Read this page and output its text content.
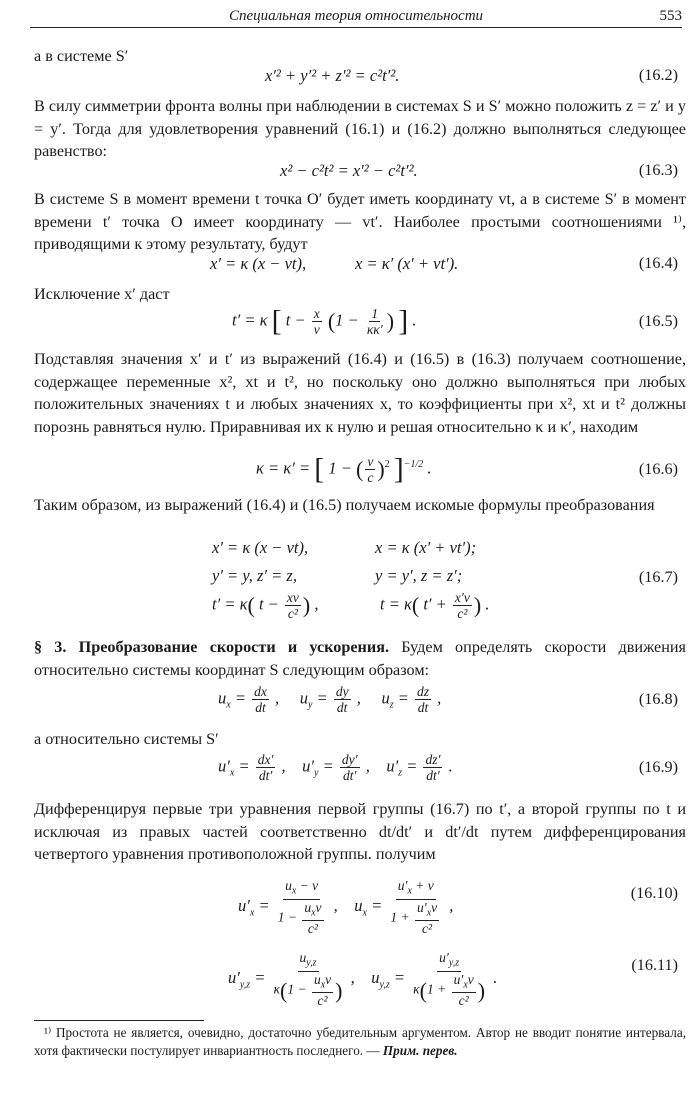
Специальная теория относительности	553

а в системе S′

x′² + y′² + z′² = c²t′².	(16.2)

В силу симметрии фронта волны при наблюдении в системах S и S′ можно положить z = z′ и y = y′. Тогда для удовлетворения уравнений (16.1) и (16.2) должно выполняться следующее равенство:

x² − c²t² = x′² − c²t′².	(16.3)

В системе S в момент времени t точка O′ будет иметь координату vt, а в системе S′ в момент времени t′ точка O имеет координату — vt′. Наиболее простыми соотношениями ¹⁾, приводящими к этому результату, будут

x′ = κ (x − vt),	x = κ′ (x′ + vt′).	(16.4)

Исключение x′ даст

t′ = κ [ $t - \frac{x}{v} (1 - \frac{1}{\kappa\kappa'}$ ) ] .	(16.5)

Подставляя значения x′ и t′ из выражений (16.4) и (16.5) в (16.3) получаем соотношение, содержащее переменные x², xt и t², но поскольку оно должно выполняться при любых положительных значениях t и любых значениях x, то коэффициенты при x², xt и t² должны порознь равняться нулю. Приравнивая их к нулю и решая относительно κ и κ′, находим

κ = κ′ = [ 1 − ( $\frac{v}{c} )^2$ ]$^{-1/2}$ .	(16.6)

Таким образом, из выражений (16.4) и (16.5) получаем искомые формулы преобразования

x′ = κ (x − vt),	x = κ (x′ + vt′);
y′ = y, z′ = z,	y = y′, z = z′;
t′ = κ( $t - \frac{xv}{\text{c²}}$ ) ,	t = κ( $t' + \frac{x'v}{\text{c²}}$ ) .
(16.7)

§ 3. Преобразование скорости и ускорения. Будем определять скорости движения относительно системы координат S следующим образом:

$u_x = \frac{dx}{dt}$ ,     $u_y = \frac{dy}{dt}$ ,     $u_z = \frac{dz}{dt}$ ,	(16.8)

а относительно системы S′

$u'_x = \frac{dx'}{dt'}$ ,    $u'_y = \frac{dy'}{dt'}$ ,    $u'_z = \frac{dz'}{dt'}$ .	(16.9)

Дифференцируя первые три уравнения первой группы (16.7) по t′, а второй группы по t и исключая из правых частей соответственно dt/dt′ и dt′/dt путем дифференцирования четвертого уравнения противоположной группы. получим

$u'_x = \frac{u_x - v}{1 - \frac{u_xv}{\text{c²}}}$ ,    $u_x = \frac{u'_x + v}{1 + \frac{u'_xv}{\text{c²}}}$ ,
(16.10)
$u'_{y,z} = \frac{u_{y,z}}{\kappa(1 - \frac{u_xv}{\text{c²}} )}$ ,    $u_{y,z} = \frac{u'_{y,z}}{\kappa(1 + \frac{u'_xv}{\text{c²}} )}$ .
(16.11)

¹⁾ Простота не является, очевидно, достаточно убедительным аргументом. Автор не вводит понятие интервала, хотя фактически постулирует инвариантность последнего. — Прим. перев.
